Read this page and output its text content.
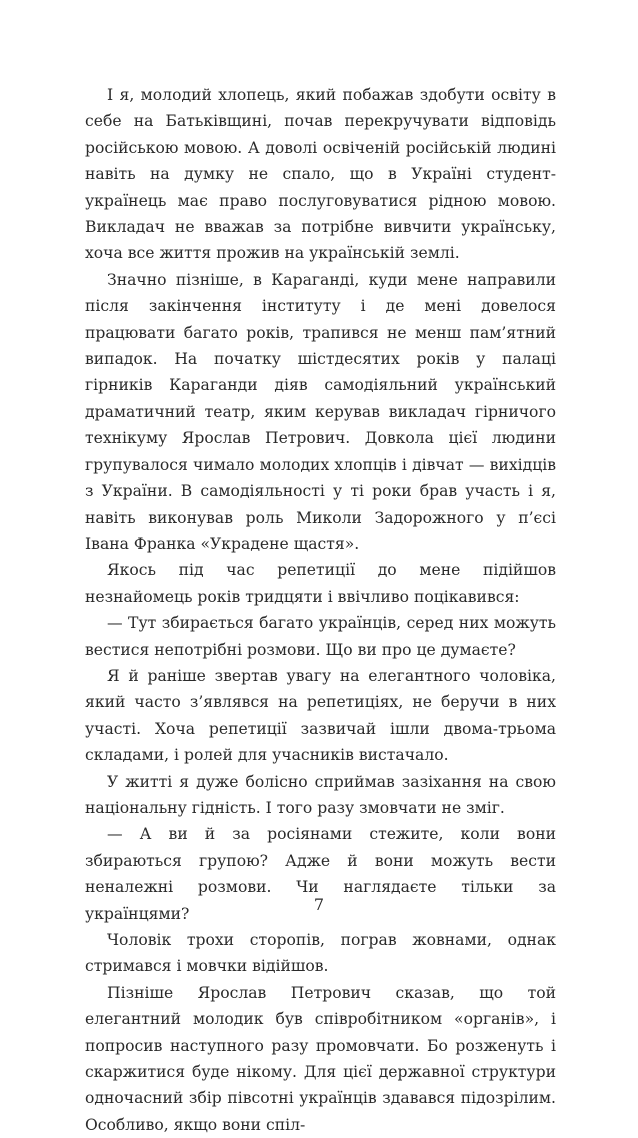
І я, молодий хлопець, який побажав здобути освіту в себе на Батьківщині, почав перекручувати відповідь російською мовою. А доволі освіченій російській людині навіть на думку не спало, що в Україні студент-українець має право послуговуватися рідною мовою. Викладач не вважав за потрібне вивчити українську, хоча все життя прожив на українській землі.

Значно пізніше, в Караганді, куди мене направили після закінчення інституту і де мені довелося працювати багато років, трапився не менш пам’ятний випадок. На початку шістдесятих років у палаці гірників Караганди діяв самодіяльний український драматичний театр, яким керував викладач гірничого технікуму Ярослав Петрович. Довкола цієї людини групувалося чимало молодих хлопців і дівчат — вихідців з України. В самодіяльності у ті роки брав участь і я, навіть виконував роль Миколи Задорожного у п’єсі Івана Франка «Украдене щастя».

Якось під час репетиції до мене підійшов незнайомець років тридцяти і ввічливо поцікавився:

— Тут збирається багато українців, серед них можуть вестися непотрібні розмови. Що ви про це думаєте?

Я й раніше звертав увагу на елегантного чоловіка, який часто з’являвся на репетиціях, не беручи в них участі. Хоча репетиції зазвичай ішли двома-трьома складами, і ролей для учасників вистачало.

У житті я дуже болісно сприймав зазіхання на свою національну гідність. І того разу змовчати не зміг.

— А ви й за росіянами стежите, коли вони збираються групою? Адже й вони можуть вести неналежні розмови. Чи наглядаєте тільки за українцями?

Чоловік трохи сторопів, пограв жовнами, однак стримався і мовчки відійшов.

Пізніше Ярослав Петрович сказав, що той елегантний молодик був співробітником «органів», і попросив наступного разу промовчати. Бо розженуть і скаржитися буде нікому. Для цієї державної структури одночасний збір півсотні українців здавався підозрілим. Особливо, якщо вони спіл-

7
